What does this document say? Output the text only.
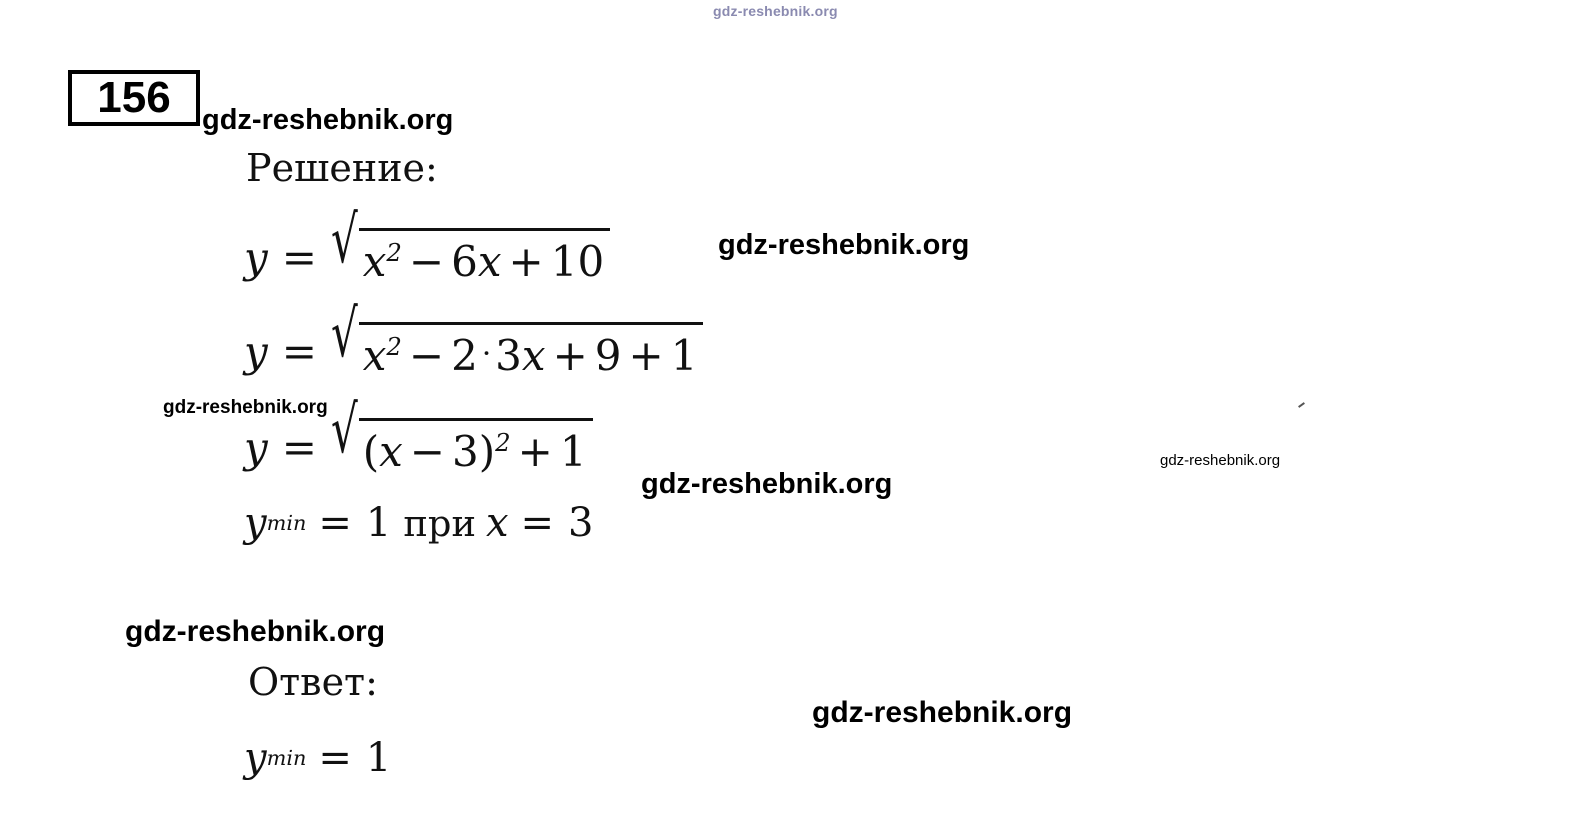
gdz-reshebnik.org
156 gdz-reshebnik.org
gdz-reshebnik.org
gdz-reshebnik.org
gdz-reshebnik.org
gdz-reshebnik.org
gdz-reshebnik.org
gdz-reshebnik.org
Решение:
y = √ $x^2 - 6x + 10$
y = √ $x^2 - 2 \cdot 3x + 9 + 1$
y = √ $(x - 3)^2 + 1$
y min = 1 при x = 3
Ответ:
y min = 1
